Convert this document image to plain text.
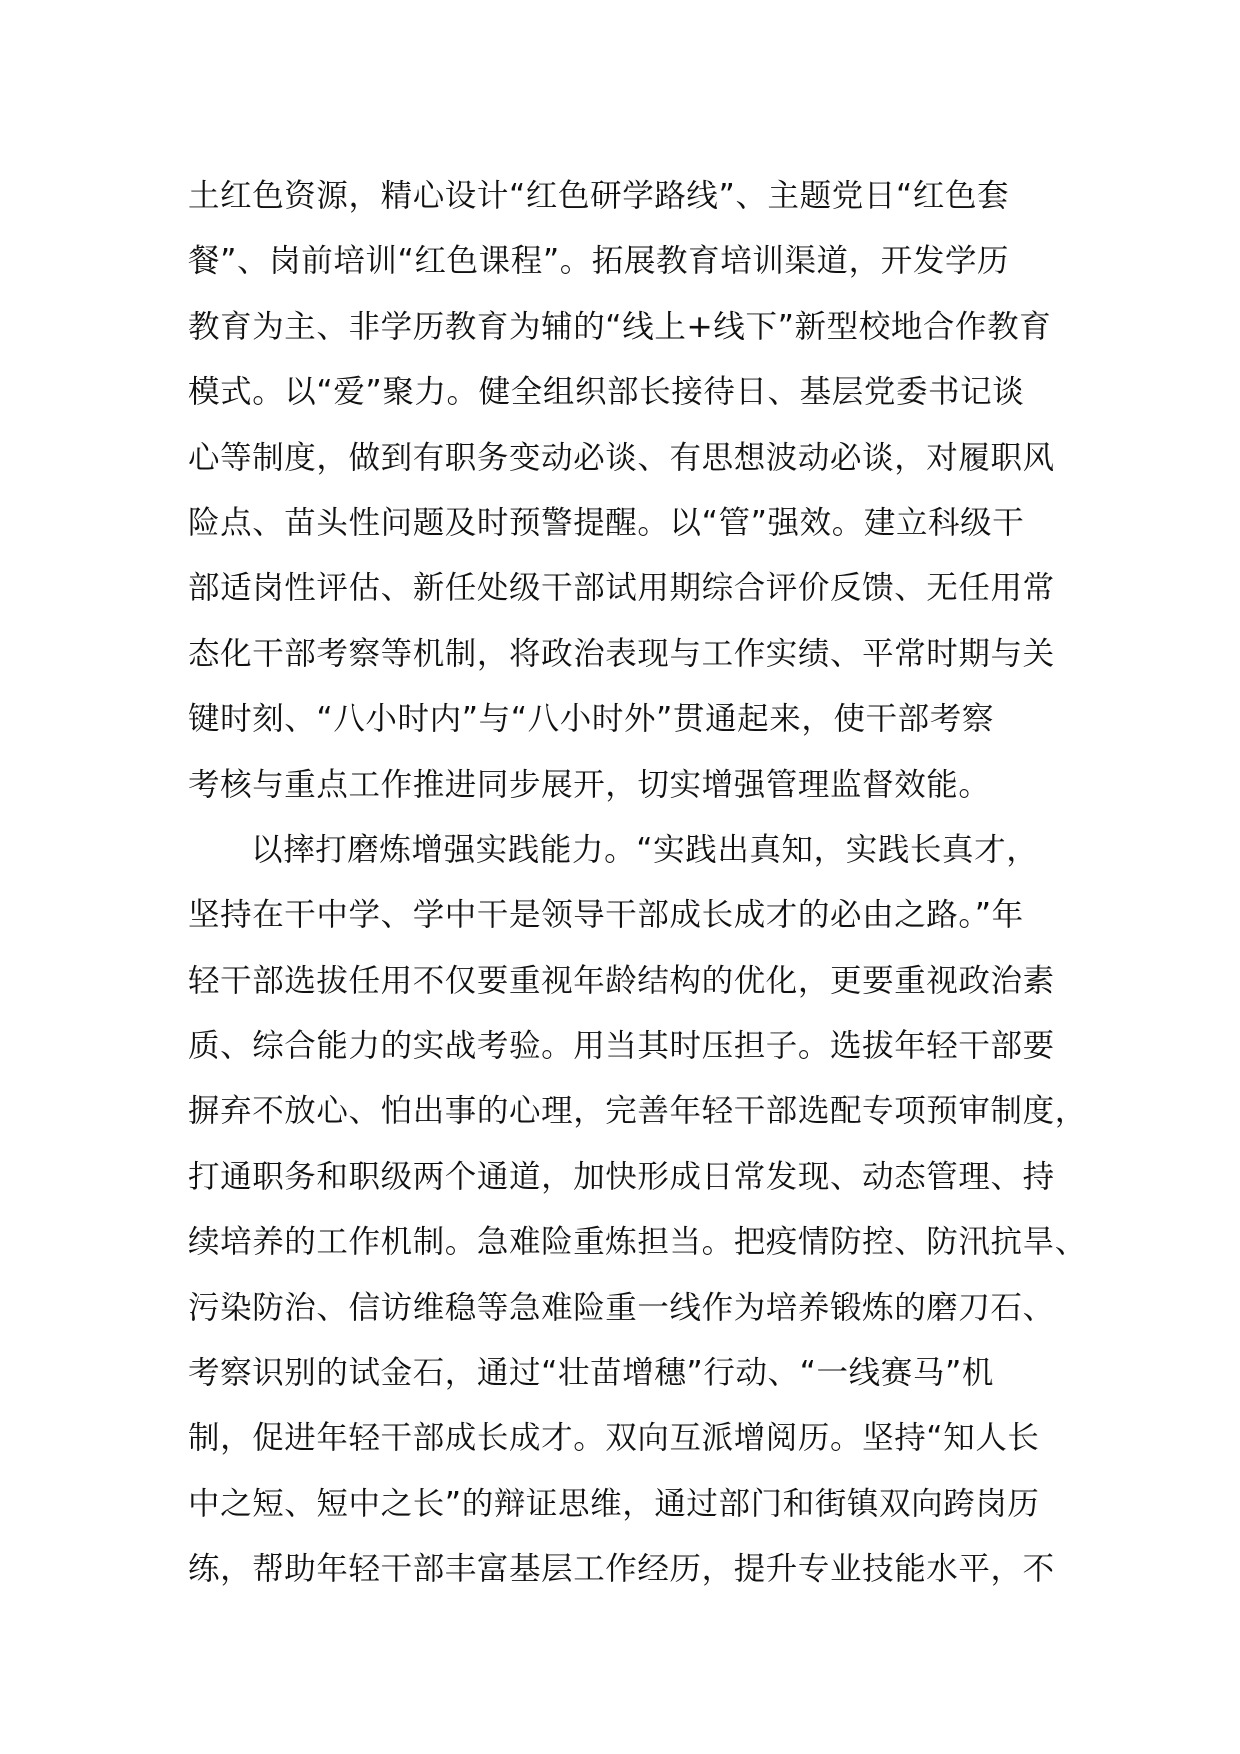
土红色资源，精心设计“红色研学路线”、主题党日“红色套
餐”、岗前培训“红色课程”。拓展教育培训渠道，开发学历
教育为主、非学历教育为辅的“线上+线下”新型校地合作教育
模式。以“爱”聚力。健全组织部长接待日、基层党委书记谈
心等制度，做到有职务变动必谈、有思想波动必谈，对履职风
险点、苗头性问题及时预警提醒。以“管”强效。建立科级干
部适岗性评估、新任处级干部试用期综合评价反馈、无任用常
态化干部考察等机制，将政治表现与工作实绩、平常时期与关
键时刻、“八小时内”与“八小时外”贯通起来，使干部考察
考核与重点工作推进同步展开，切实增强管理监督效能。
以摔打磨炼增强实践能力。“实践出真知，实践长真才，
坚持在干中学、学中干是领导干部成长成才的必由之路。”年
轻干部选拔任用不仅要重视年龄结构的优化，更要重视政治素
质、综合能力的实战考验。用当其时压担子。选拔年轻干部要
摒弃不放心、怕出事的心理，完善年轻干部选配专项预审制度，
打通职务和职级两个通道，加快形成日常发现、动态管理、持
续培养的工作机制。急难险重炼担当。把疫情防控、防汛抗旱、
污染防治、信访维稳等急难险重一线作为培养锻炼的磨刀石、
考察识别的试金石，通过“壮苗增穗”行动、“一线赛马”机
制，促进年轻干部成长成才。双向互派增阅历。坚持“知人长
中之短、短中之长”的辩证思维，通过部门和街镇双向跨岗历
练，帮助年轻干部丰富基层工作经历，提升专业技能水平，不
